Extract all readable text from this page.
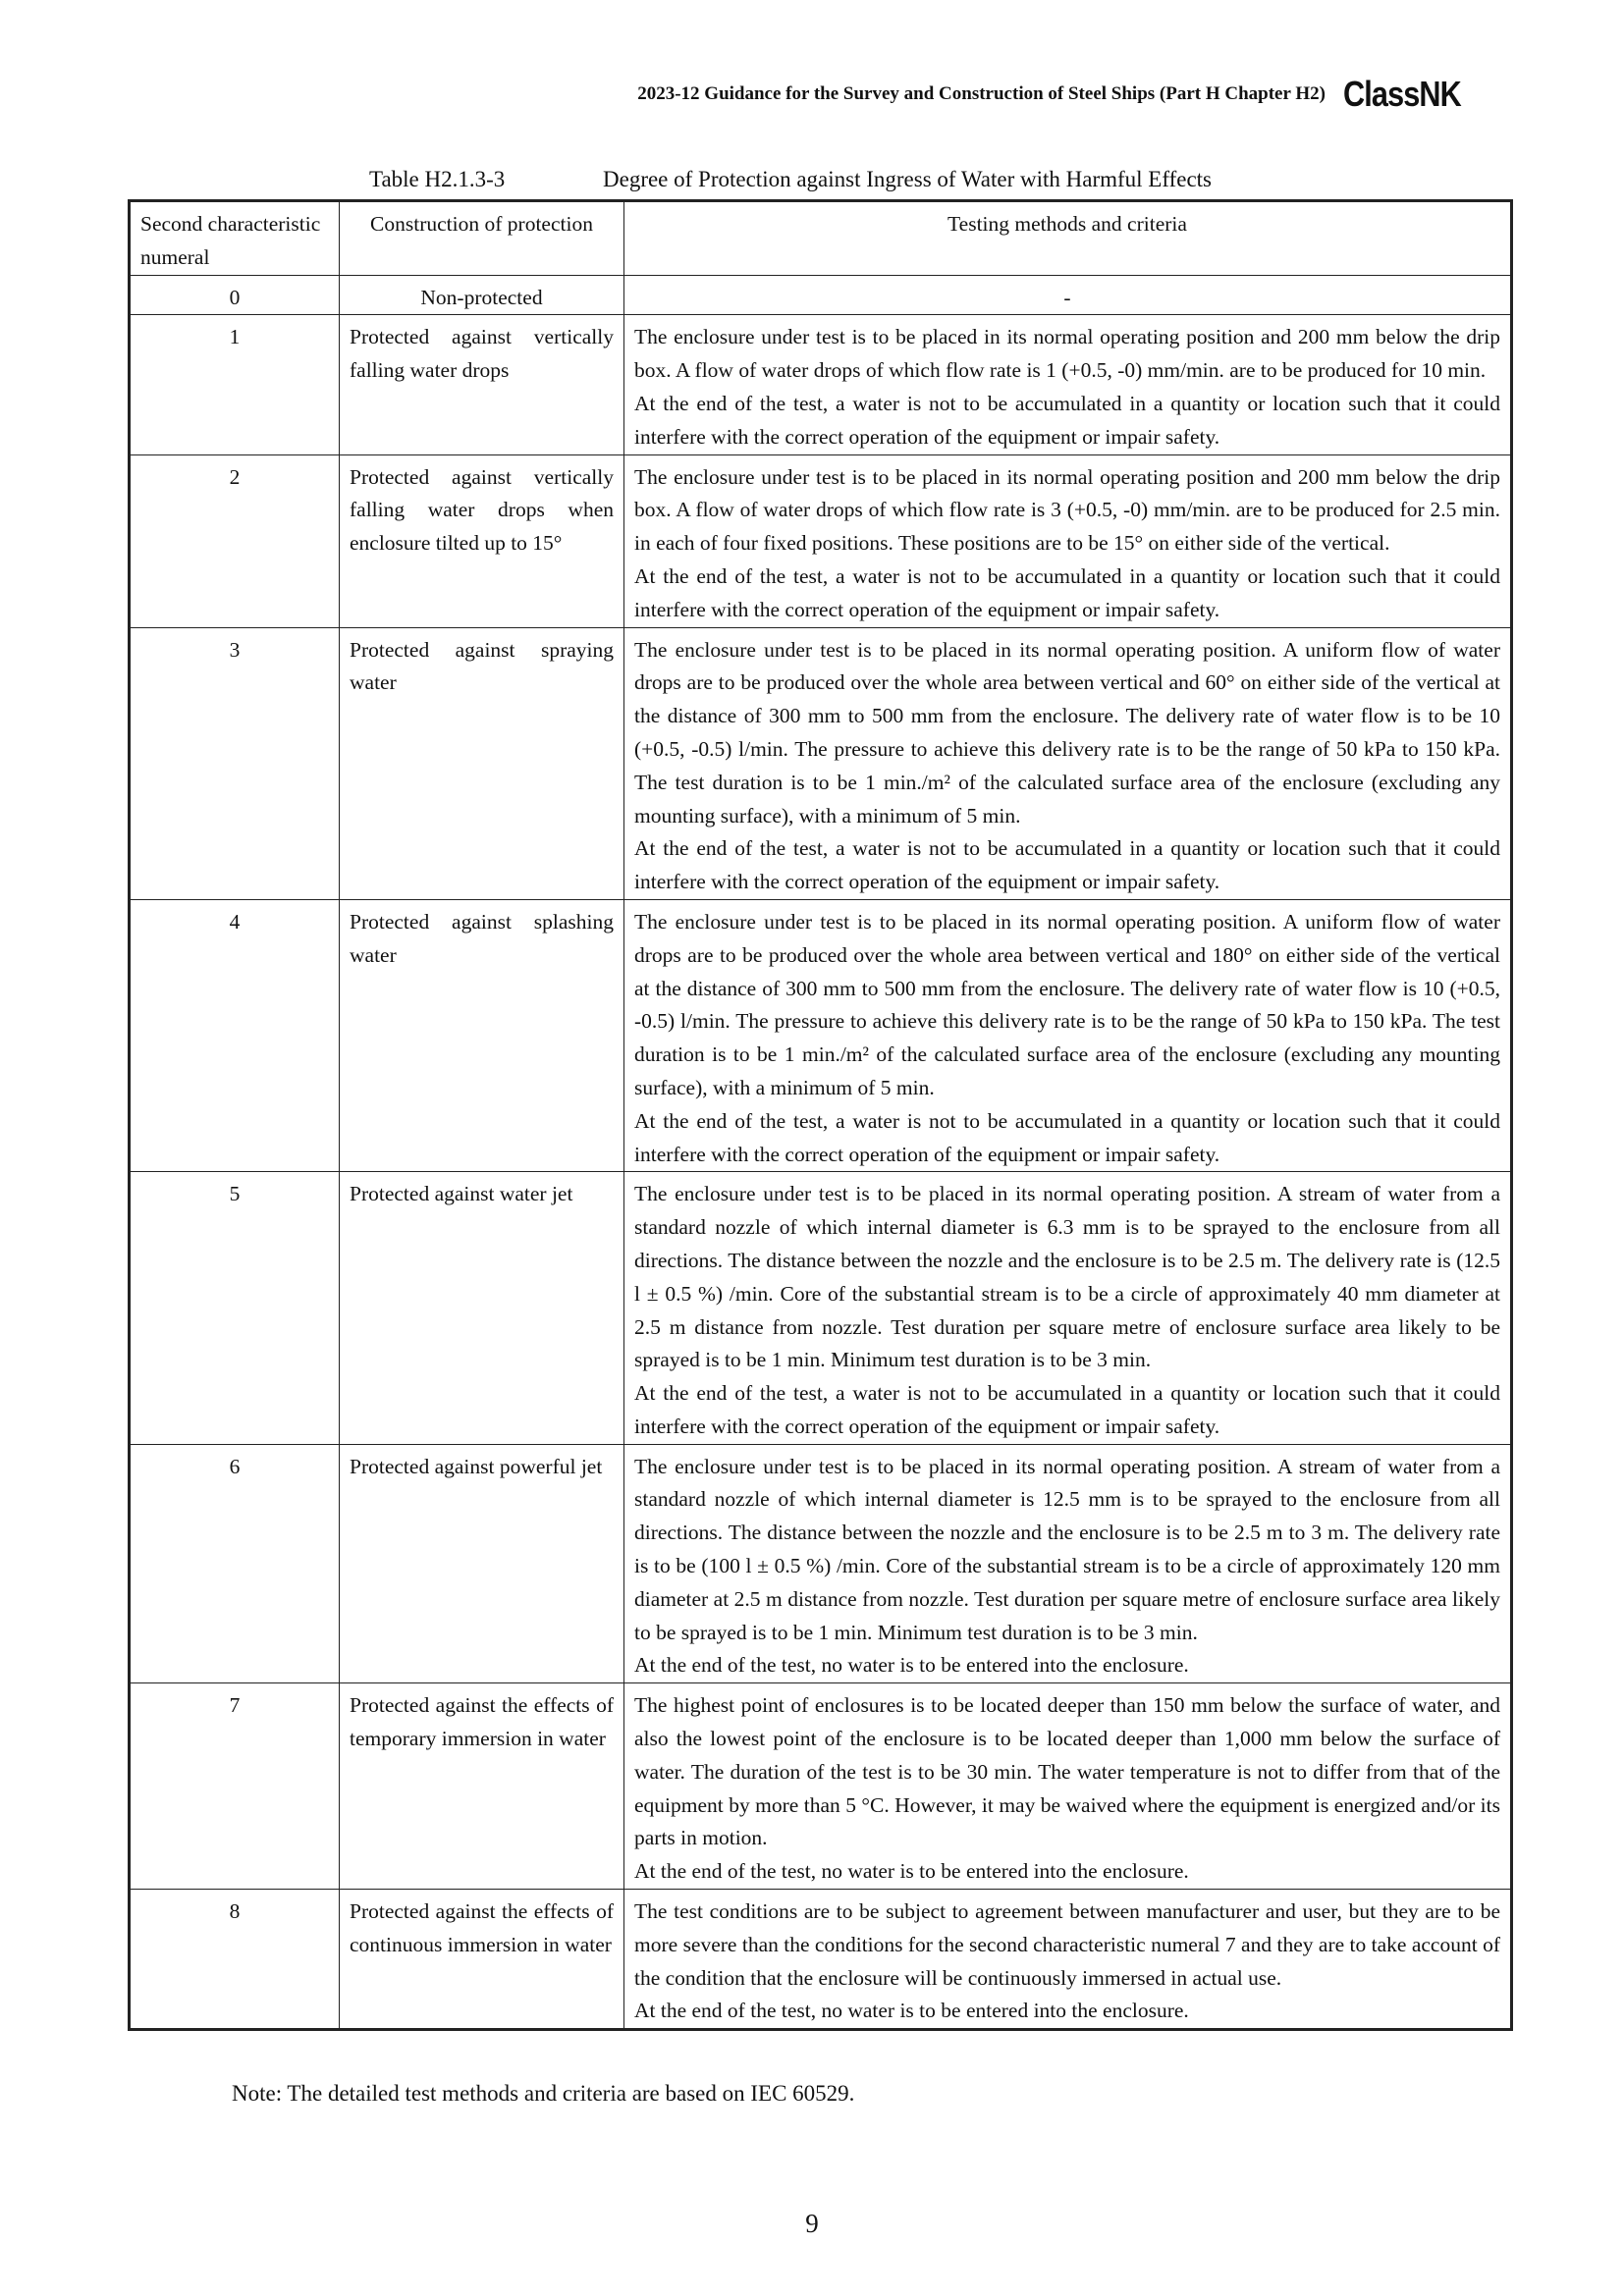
2023-12 Guidance for the Survey and Construction of Steel Ships (Part H Chapter H2) ClassNK
Table H2.1.3-3	Degree of Protection against Ingress of Water with Harmful Effects
Second characteristic numeral	Construction of protection	Testing methods and criteria
0	Non-protected	-

1	Protected against vertically falling water drops	The enclosure under test is to be placed in its normal operating position and 200 mm below the drip box. A flow of water drops of which flow rate is 1 (+0.5, -0) mm/min. are to be produced for 10 min.
At the end of the test, a water is not to be accumulated in a quantity or location such that it could interfere with the correct operation of the equipment or impair safety.

2	Protected against vertically falling water drops when enclosure tilted up to 15°	The enclosure under test is to be placed in its normal operating position and 200 mm below the drip box. A flow of water drops of which flow rate is 3 (+0.5, -0) mm/min. are to be produced for 2.5 min. in each of four fixed positions. These positions are to be 15° on either side of the vertical.
At the end of the test, a water is not to be accumulated in a quantity or location such that it could interfere with the correct operation of the equipment or impair safety.

3	Protected against spraying water	The enclosure under test is to be placed in its normal operating position. A uniform flow of water drops are to be produced over the whole area between vertical and 60° on either side of the vertical at the distance of 300 mm to 500 mm from the enclosure. The delivery rate of water flow is to be 10 (+0.5, -0.5) l/min. The pressure to achieve this delivery rate is to be the range of 50 kPa to 150 kPa. The test duration is to be 1 min./m² of the calculated surface area of the enclosure (excluding any mounting surface), with a minimum of 5 min.
At the end of the test, a water is not to be accumulated in a quantity or location such that it could interfere with the correct operation of the equipment or impair safety.

4	Protected against splashing water	The enclosure under test is to be placed in its normal operating position. A uniform flow of water drops are to be produced over the whole area between vertical and 180° on either side of the vertical at the distance of 300 mm to 500 mm from the enclosure. The delivery rate of water flow is 10 (+0.5, -0.5) l/min. The pressure to achieve this delivery rate is to be the range of 50 kPa to 150 kPa. The test duration is to be 1 min./m² of the calculated surface area of the enclosure (excluding any mounting surface), with a minimum of 5 min.
At the end of the test, a water is not to be accumulated in a quantity or location such that it could interfere with the correct operation of the equipment or impair safety.

5	Protected against water jet	The enclosure under test is to be placed in its normal operating position. A stream of water from a standard nozzle of which internal diameter is 6.3 mm is to be sprayed to the enclosure from all directions. The distance between the nozzle and the enclosure is to be 2.5 m. The delivery rate is (12.5 l ± 0.5 %) /min. Core of the substantial stream is to be a circle of approximately 40 mm diameter at 2.5 m distance from nozzle. Test duration per square metre of enclosure surface area likely to be sprayed is to be 1 min. Minimum test duration is to be 3 min.
At the end of the test, a water is not to be accumulated in a quantity or location such that it could interfere with the correct operation of the equipment or impair safety.

6	Protected against powerful jet	The enclosure under test is to be placed in its normal operating position. A stream of water from a standard nozzle of which internal diameter is 12.5 mm is to be sprayed to the enclosure from all directions. The distance between the nozzle and the enclosure is to be 2.5 m to 3 m. The delivery rate is to be (100 l ± 0.5 %) /min. Core of the substantial stream is to be a circle of approximately 120 mm diameter at 2.5 m distance from nozzle. Test duration per square metre of enclosure surface area likely to be sprayed is to be 1 min. Minimum test duration is to be 3 min.
At the end of the test, no water is to be entered into the enclosure.

7	Protected against the effects of temporary immersion in water	The highest point of enclosures is to be located deeper than 150 mm below the surface of water, and also the lowest point of the enclosure is to be located deeper than 1,000 mm below the surface of water. The duration of the test is to be 30 min. The water temperature is not to differ from that of the equipment by more than 5 °C. However, it may be waived where the equipment is energized and/or its parts in motion.
At the end of the test, no water is to be entered into the enclosure.

8	Protected against the effects of continuous immersion in water	The test conditions are to be subject to agreement between manufacturer and user, but they are to be more severe than the conditions for the second characteristic numeral 7 and they are to take account of the condition that the enclosure will be continuously immersed in actual use.
At the end of the test, no water is to be entered into the enclosure.
Note: The detailed test methods and criteria are based on IEC 60529.
9
